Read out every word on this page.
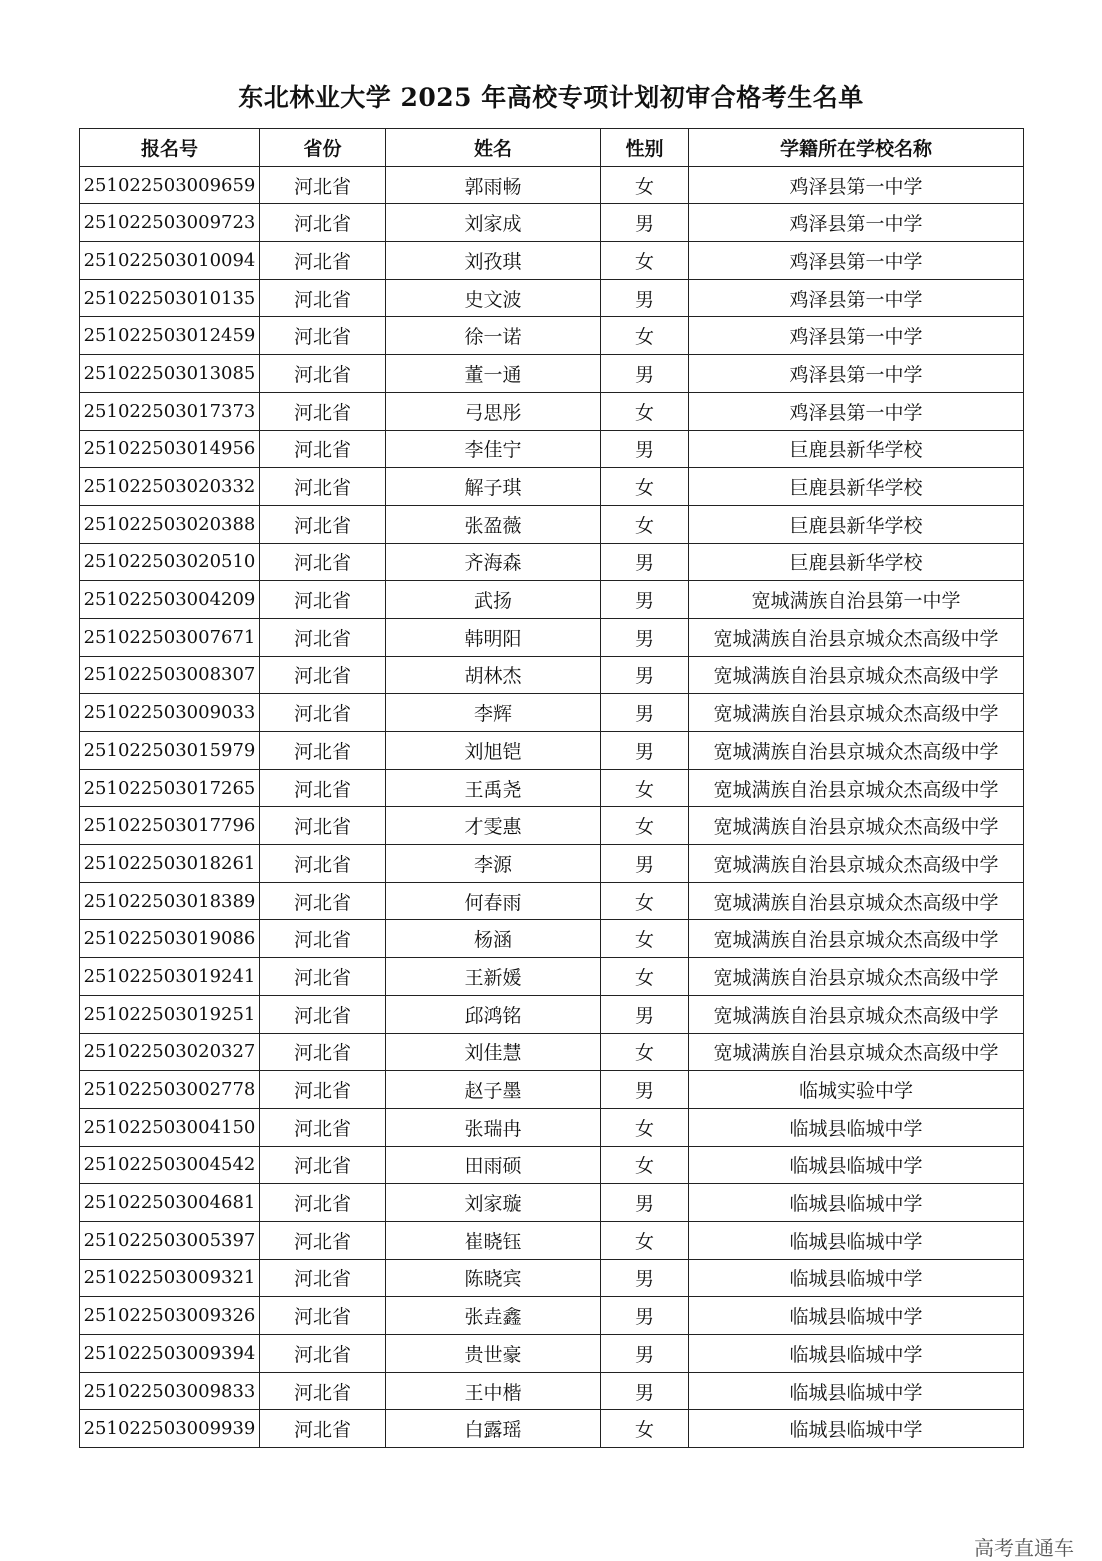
东北林业大学 2025 年高校专项计划初审合格考生名单
报名号	省份	姓名	性别	学籍所在学校名称
251022503009659	河北省	郭雨畅	女	鸡泽县第一中学
251022503009723	河北省	刘家成	男	鸡泽县第一中学
251022503010094	河北省	刘孜琪	女	鸡泽县第一中学
251022503010135	河北省	史文波	男	鸡泽县第一中学
251022503012459	河北省	徐一诺	女	鸡泽县第一中学
251022503013085	河北省	董一通	男	鸡泽县第一中学
251022503017373	河北省	弓思彤	女	鸡泽县第一中学
251022503014956	河北省	李佳宁	男	巨鹿县新华学校
251022503020332	河北省	解子琪	女	巨鹿县新华学校
251022503020388	河北省	张盈薇	女	巨鹿县新华学校
251022503020510	河北省	齐海森	男	巨鹿县新华学校
251022503004209	河北省	武扬	男	宽城满族自治县第一中学
251022503007671	河北省	韩明阳	男	宽城满族自治县京城众杰高级中学
251022503008307	河北省	胡林杰	男	宽城满族自治县京城众杰高级中学
251022503009033	河北省	李辉	男	宽城满族自治县京城众杰高级中学
251022503015979	河北省	刘旭铠	男	宽城满族自治县京城众杰高级中学
251022503017265	河北省	王禹尧	女	宽城满族自治县京城众杰高级中学
251022503017796	河北省	才雯惠	女	宽城满族自治县京城众杰高级中学
251022503018261	河北省	李源	男	宽城满族自治县京城众杰高级中学
251022503018389	河北省	何春雨	女	宽城满族自治县京城众杰高级中学
251022503019086	河北省	杨涵	女	宽城满族自治县京城众杰高级中学
251022503019241	河北省	王新媛	女	宽城满族自治县京城众杰高级中学
251022503019251	河北省	邱鸿铭	男	宽城满族自治县京城众杰高级中学
251022503020327	河北省	刘佳慧	女	宽城满族自治县京城众杰高级中学
251022503002778	河北省	赵子墨	男	临城实验中学
251022503004150	河北省	张瑞冉	女	临城县临城中学
251022503004542	河北省	田雨硕	女	临城县临城中学
251022503004681	河北省	刘家璇	男	临城县临城中学
251022503005397	河北省	崔晓钰	女	临城县临城中学
251022503009321	河北省	陈晓宾	男	临城县临城中学
251022503009326	河北省	张垚鑫	男	临城县临城中学
251022503009394	河北省	贵世豪	男	临城县临城中学
251022503009833	河北省	王中楷	男	临城县临城中学
251022503009939	河北省	白露瑶	女	临城县临城中学
高考直通车
